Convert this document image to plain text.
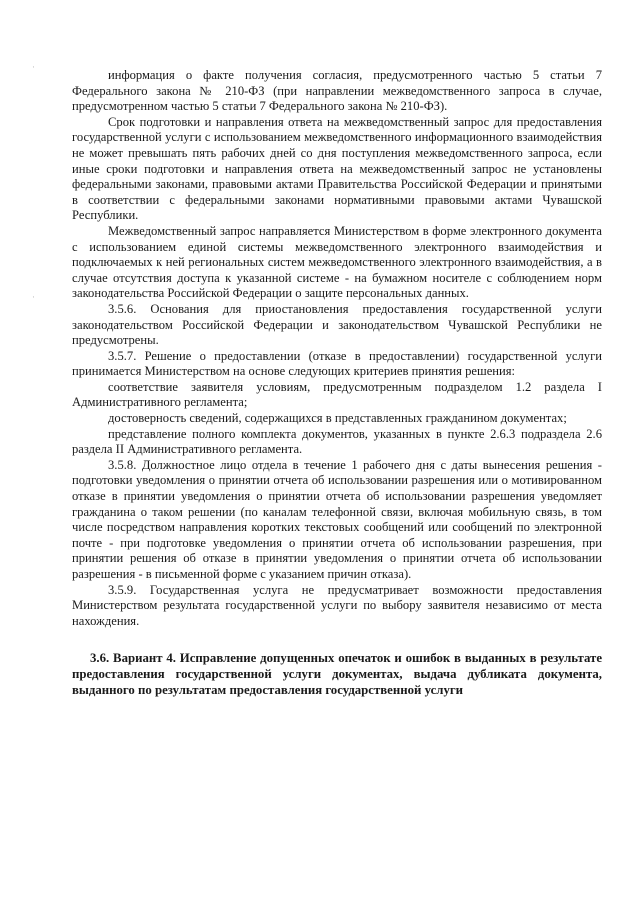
·
·

информация о факте получения согласия, предусмотренного частью 5 статьи 7 Федерального закона № 210-ФЗ (при направлении межведомственного запроса в случае, предусмотренном частью 5 статьи 7 Федерального закона № 210-ФЗ).

Срок подготовки и направления ответа на межведомственный запрос для предоставления государственной услуги с использованием межведомственного информационного взаимодействия не может превышать пять рабочих дней со дня поступления межведомственного запроса, если иные сроки подготовки и направления ответа на межведомственный запрос не установлены федеральными законами, правовыми актами Правительства Российской Федерации и принятыми в соответствии с федеральными законами нормативными правовыми актами Чувашской Республики.

Межведомственный запрос направляется Министерством в форме электронного документа с использованием единой системы межведомственного электронного взаимодействия и подключаемых к ней региональных систем межведомственного электронного взаимодействия, а в случае отсутствия доступа к указанной системе - на бумажном носителе с соблюдением норм законодательства Российской Федерации о защите персональных данных.

3.5.6. Основания для приостановления предоставления государственной услуги законодательством Российской Федерации и законодательством Чувашской Республики не предусмотрены.

3.5.7. Решение о предоставлении (отказе в предоставлении) государственной услуги принимается Министерством на основе следующих критериев принятия решения:

соответствие заявителя условиям, предусмотренным подразделом 1.2 раздела I Административного регламента;

достоверность сведений, содержащихся в представленных гражданином документах;

представление полного комплекта документов, указанных в пункте 2.6.3 подраздела 2.6 раздела II Административного регламента.

3.5.8. Должностное лицо отдела в течение 1 рабочего дня с даты вынесения решения - подготовки уведомления о принятии отчета об использовании разрешения или о мотивированном отказе в принятии уведомления о принятии отчета об использовании разрешения уведомляет гражданина о таком решении (по каналам телефонной связи, включая мобильную связь, в том числе посредством направления коротких текстовых сообщений или сообщений по электронной почте - при подготовке уведомления о принятии отчета об использовании разрешения, при принятии решения об отказе в принятии уведомления о принятии отчета об использовании разрешения - в письменной форме с указанием причин отказа).

3.5.9. Государственная услуга не предусматривает возможности предоставления Министерством результата государственной услуги по выбору заявителя независимо от места нахождения.

3.6. Вариант 4. Исправление допущенных опечаток и ошибок в выданных в результате предоставления государственной услуги документах, выдача дубликата документа, выданного по результатам предоставления государственной услуги
